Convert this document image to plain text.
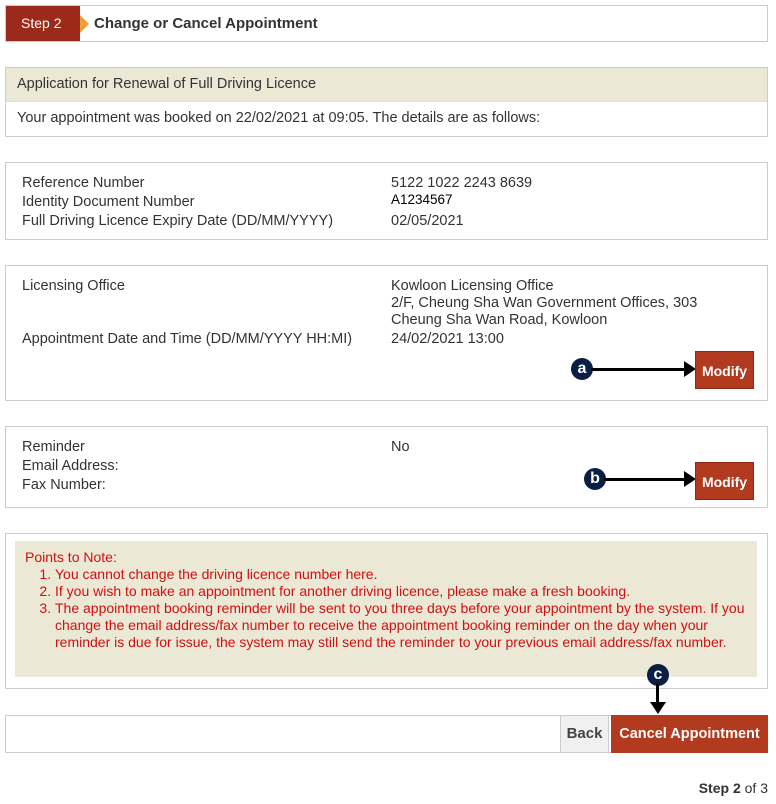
Step 2	Change or Cancel Appointment
Application for Renewal of Full Driving Licence
Your appointment was booked on 22/02/2021 at 09:05. The details are as follows:
Reference Number	5122 1022 2243 8639
Identity Document Number	A1234567
Full Driving Licence Expiry Date (DD/MM/YYYY)	02/05/2021
Licensing Office	Kowloon Licensing Office
2/F, Cheung Sha Wan Government Offices, 303
Cheung Sha Wan Road, Kowloon
Appointment Date and Time (DD/MM/YYYY HH:MI)	24/02/2021 13:00
a	Modify
Reminder	No
Email Address:
Fax Number:	b	Modify
Points to Note:
1. You cannot change the driving licence number here.
2. If you wish to make an appointment for another driving licence, please make a fresh booking.
3. The appointment booking reminder will be sent to you three days before your appointment by the system. If you change the email address/fax number to receive the appointment booking reminder on the day when your reminder is due for issue, the system may still send the reminder to your previous email address/fax number.
c
Back	Cancel Appointment
Step 2 of 3
